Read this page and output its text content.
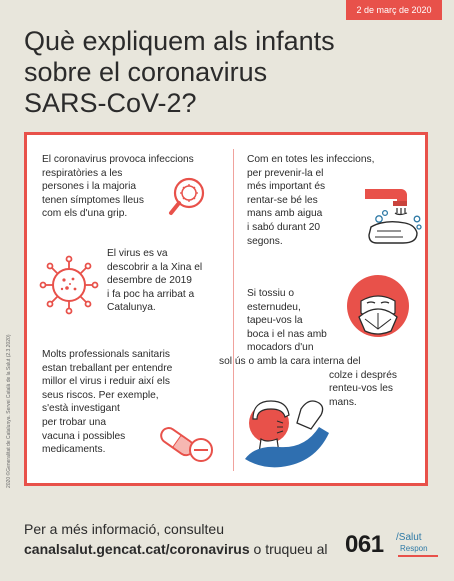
2 de març de 2020
Què expliquem als infants
sobre el coronavirus
SARS-CoV-2?
2020 ©Generalitat de Catalunya. Servei Català de la Salut (2.3.2020)
El coronavirus provoca infeccions
respiratòries a les
persones i la majoria
tenen símptomes lleus
com els d'una grip.
El virus es va
descobrir a la Xina el
desembre de 2019
i fa poc ha arribat a
Catalunya.
Molts professionals sanitaris
estan treballant per entendre
millor el virus i reduir així els
seus riscos. Per exemple,
s'està investigant
per trobar una
vacuna i possibles
medicaments.
Com en totes les infeccions,
per prevenir-la el
més important és
rentar-se bé les
mans amb aigua
i sabó durant 20
segons.
Si tossiu o
esternudeu,
tapeu-vos la
boca i el nas amb
mocadors d'un
sol ús o amb la cara interna del
colze i després
renteu-vos les
mans.
Per a més informació, consulteu
canalsalut.gencat.cat/coronavirus o truqueu al 061 /Salut
Respon
